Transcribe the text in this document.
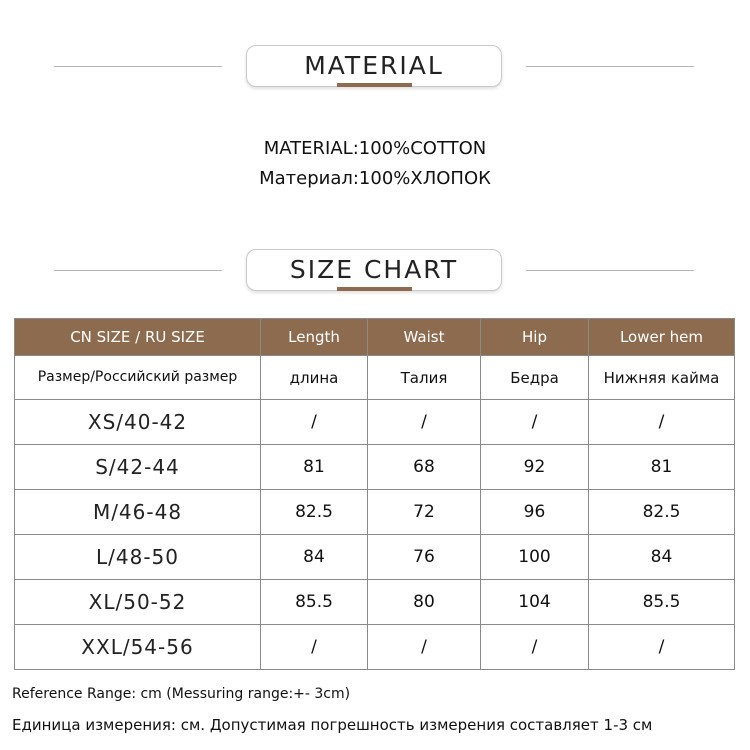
MATERIAL
MATERIAL:100%COTTON
Материал:100%ХЛОПОК
SIZE CHART
CN SIZE / RU SIZE	Length	Waist	Hip	Lower hem
Размер/Российский размер	длина	Талия	Бедра	Нижняя кайма
XS/40-42	/	/	/	/
S/42-44	81	68	92	81
M/46-48	82.5	72	96	82.5
L/48-50	84	76	100	84
XL/50-52	85.5	80	104	85.5
XXL/54-56	/	/	/	/
Reference Range: cm (Messuring range:+- 3cm)
Единица измерения: см. Допустимая погрешность измерения составляет 1-3 см
